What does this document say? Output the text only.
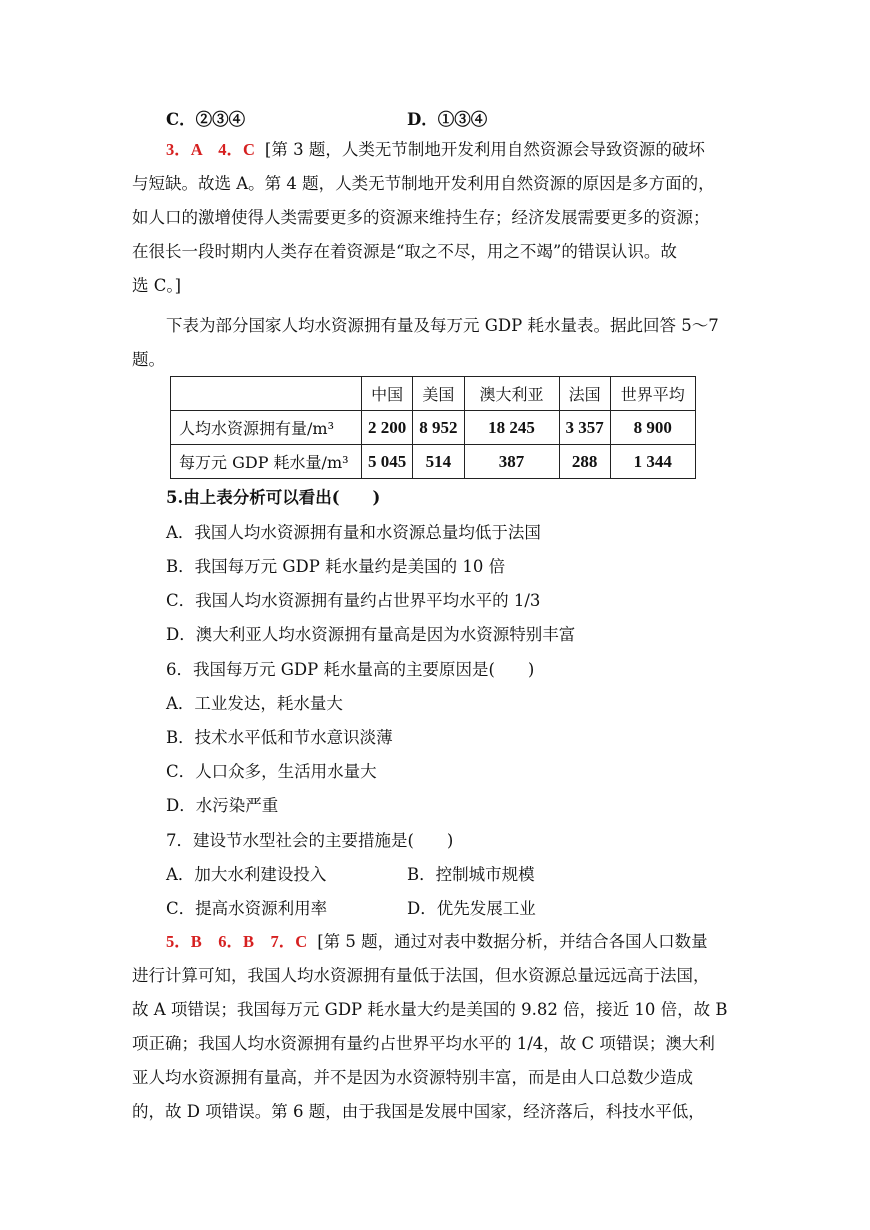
C．②③④	D．①③④
3．A　4．C [第 3 题，人类无节制地开发利用自然资源会导致资源的破坏
与短缺。故选 A。第 4 题，人类无节制地开发利用自然资源的原因是多方面的，
如人口的激增使得人类需要更多的资源来维持生存；经济发展需要更多的资源；
在很长一段时期内人类存在着资源是“取之不尽，用之不竭”的错误认识。故
选 C。]
下表为部分国家人均水资源拥有量及每万元 GDP 耗水量表。据此回答 5～7
题。
	中国	美国	澳大利亚	法国	世界平均
人均水资源拥有量/m³	2 200	8 952	18 245	3 357	8 900
每万元 GDP 耗水量/m³	5 045	514	387	288	1 344
5.由上表分析可以看出(　　)
A．我国人均水资源拥有量和水资源总量均低于法国
B．我国每万元 GDP 耗水量约是美国的 10 倍
C．我国人均水资源拥有量约占世界平均水平的 1/3
D．澳大利亚人均水资源拥有量高是因为水资源特别丰富
6．我国每万元 GDP 耗水量高的主要原因是(　　)
A．工业发达，耗水量大
B．技术水平低和节水意识淡薄
C．人口众多，生活用水量大
D．水污染严重
7．建设节水型社会的主要措施是(　　)
A．加大水利建设投入	B．控制城市规模
C．提高水资源利用率	D．优先发展工业
5．B　6．B　7．C [第 5 题，通过对表中数据分析，并结合各国人口数量
进行计算可知，我国人均水资源拥有量低于法国，但水资源总量远远高于法国，
故 A 项错误；我国每万元 GDP 耗水量大约是美国的 9.82 倍，接近 10 倍，故 B
项正确；我国人均水资源拥有量约占世界平均水平的 1/4，故 C 项错误；澳大利
亚人均水资源拥有量高，并不是因为水资源特别丰富，而是由人口总数少造成
的，故 D 项错误。第 6 题，由于我国是发展中国家，经济落后，科技水平低，
